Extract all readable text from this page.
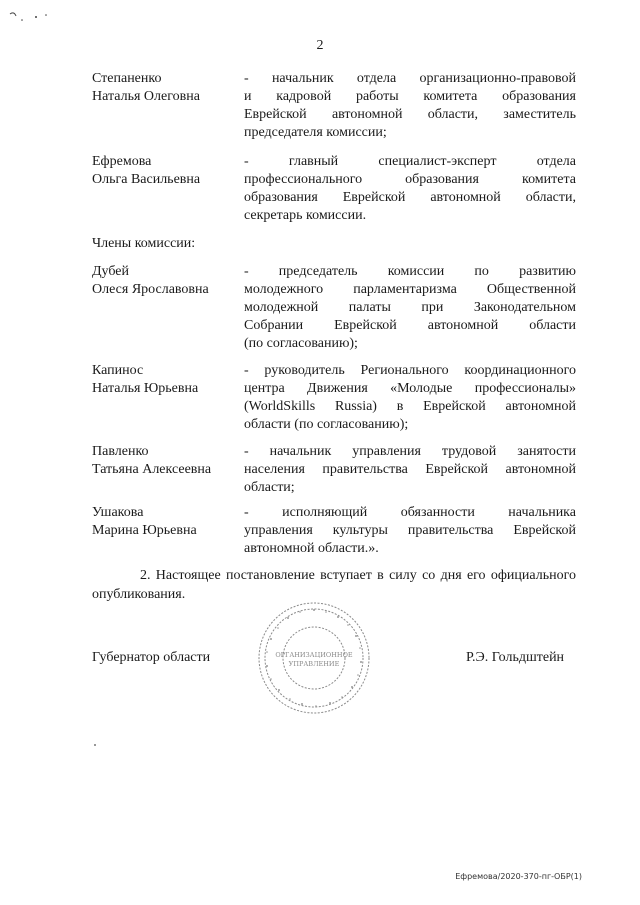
2
Степаненко
Наталья Олеговна
- начальник отдела организационно-правовой
и кадровой работы комитета образования
Еврейской автономной области, заместитель
председателя комиссии;
Ефремова
Ольга Васильевна
- главный специалист-эксперт отдела
профессионального образования комитета
образования Еврейской автономной области,
секретарь комиссии.
Члены комиссии:
Дубей
Олеся Ярославовна
- председатель комиссии по развитию
молодежного парламентаризма Общественной
молодежной палаты при Законодательном
Собрании Еврейской автономной области
(по согласованию);
Капинос
Наталья Юрьевна
- руководитель Регионального координационного
центра Движения «Молодые профессионалы»
(WorldSkills Russia) в Еврейской автономной
области (по согласованию);
Павленко
Татьяна Алексеевна
- начальник управления трудовой занятости
населения правительства Еврейской автономной
области;
Ушакова
Марина Юрьевна
- исполняющий обязанности начальника
управления культуры правительства Еврейской
автономной области.».
2. Настоящее постановление вступает в силу со дня его официального
опубликования.
Губернатор области	ОРГАНИЗАЦИОННОЕ
УПРАВЛЕНИЕ	Р.Э. Гольдштейн
Ефремова/2020-370-пг-ОБР(1)
